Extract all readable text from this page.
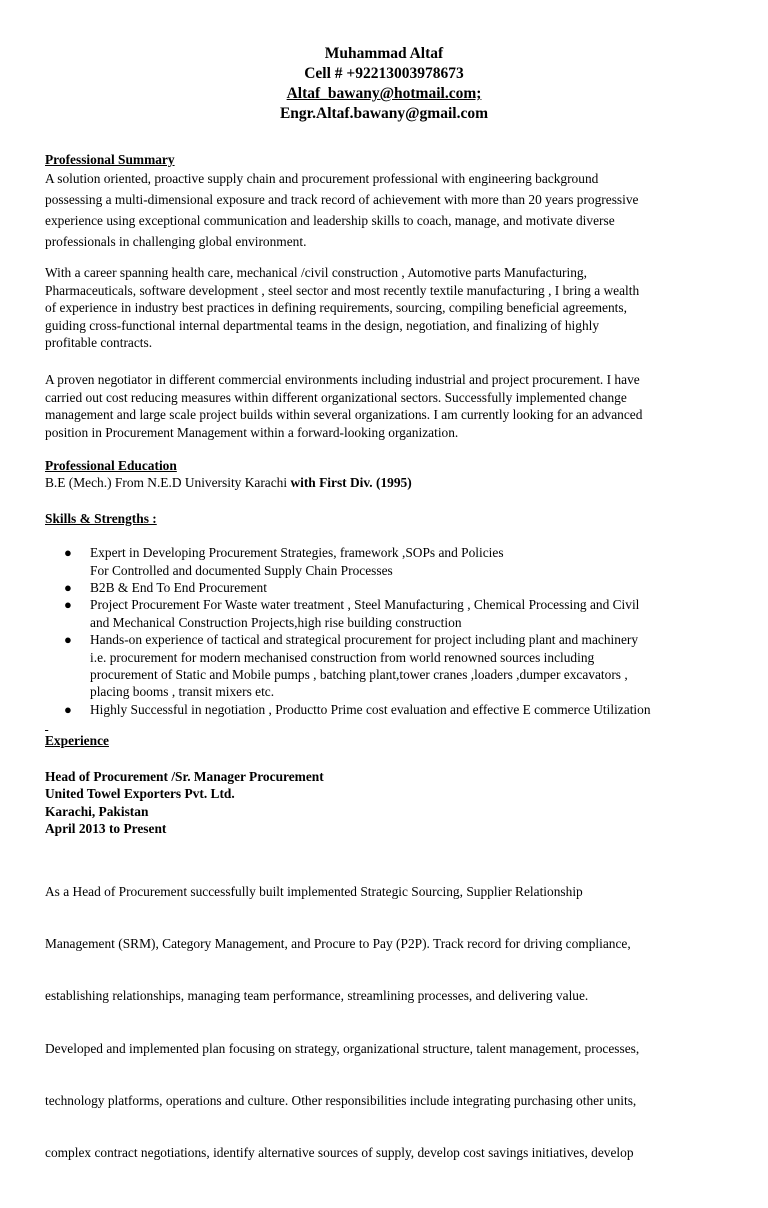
Muhammad Altaf
Cell # +92213003978673
Altaf_bawany@hotmail.com;
Engr.Altaf.bawany@gmail.com
Professional Summary
A solution oriented, proactive supply chain and procurement professional with engineering background
possessing a multi-dimensional exposure and track record of achievement with more than 20 years progressive
experience using exceptional communication and leadership skills to coach, manage, and motivate diverse
professionals in challenging global environment.
With a career spanning health care, mechanical /civil construction , Automotive parts Manufacturing,
Pharmaceuticals, software development , steel sector and most recently textile manufacturing , I bring a wealth
of experience in industry best practices in defining requirements, sourcing, compiling beneficial agreements,
guiding cross-functional internal departmental teams in the design, negotiation, and finalizing of highly
profitable contracts.
A proven negotiator in different commercial environments including industrial and project procurement. I have
carried out cost reducing measures within different organizational sectors. Successfully implemented change
management and large scale project builds within several organizations. I am currently looking for an advanced
position in Procurement Management within a forward-looking organization.
Professional Education
B.E (Mech.) From N.E.D University Karachi with First Div. (1995)
Skills & Strengths :
● Expert in Developing Procurement Strategies, framework ,SOPs and Policies
For Controlled and documented Supply Chain Processes
● B2B & End To End Procurement
● Project Procurement For Waste water treatment , Steel Manufacturing , Chemical Processing and Civil
and Mechanical Construction Projects,high rise building construction
● Hands-on experience of tactical and strategical procurement for project including plant and machinery
i.e. procurement for modern mechanised construction from world renowned sources including
procurement of Static and Mobile pumps , batching plant,tower cranes ,loaders ,dumper excavators ,
placing booms , transit mixers etc.
● Highly Successful in negotiation , Productto Prime cost evaluation and effective E commerce Utilization

Experience
Head of Procurement /Sr. Manager Procurement
United Towel Exporters Pvt. Ltd.
Karachi, Pakistan
April 2013 to Present

As a Head of Procurement successfully built implemented Strategic Sourcing, Supplier Relationship

Management (SRM), Category Management, and Procure to Pay (P2P). Track record for driving compliance,

establishing relationships, managing team performance, streamlining processes, and delivering value.

Developed and implemented plan focusing on strategy, organizational structure, talent management, processes,

technology platforms, operations and culture. Other responsibilities include integrating purchasing other units,

complex contract negotiations, identify alternative sources of supply, develop cost savings initiatives, develop
